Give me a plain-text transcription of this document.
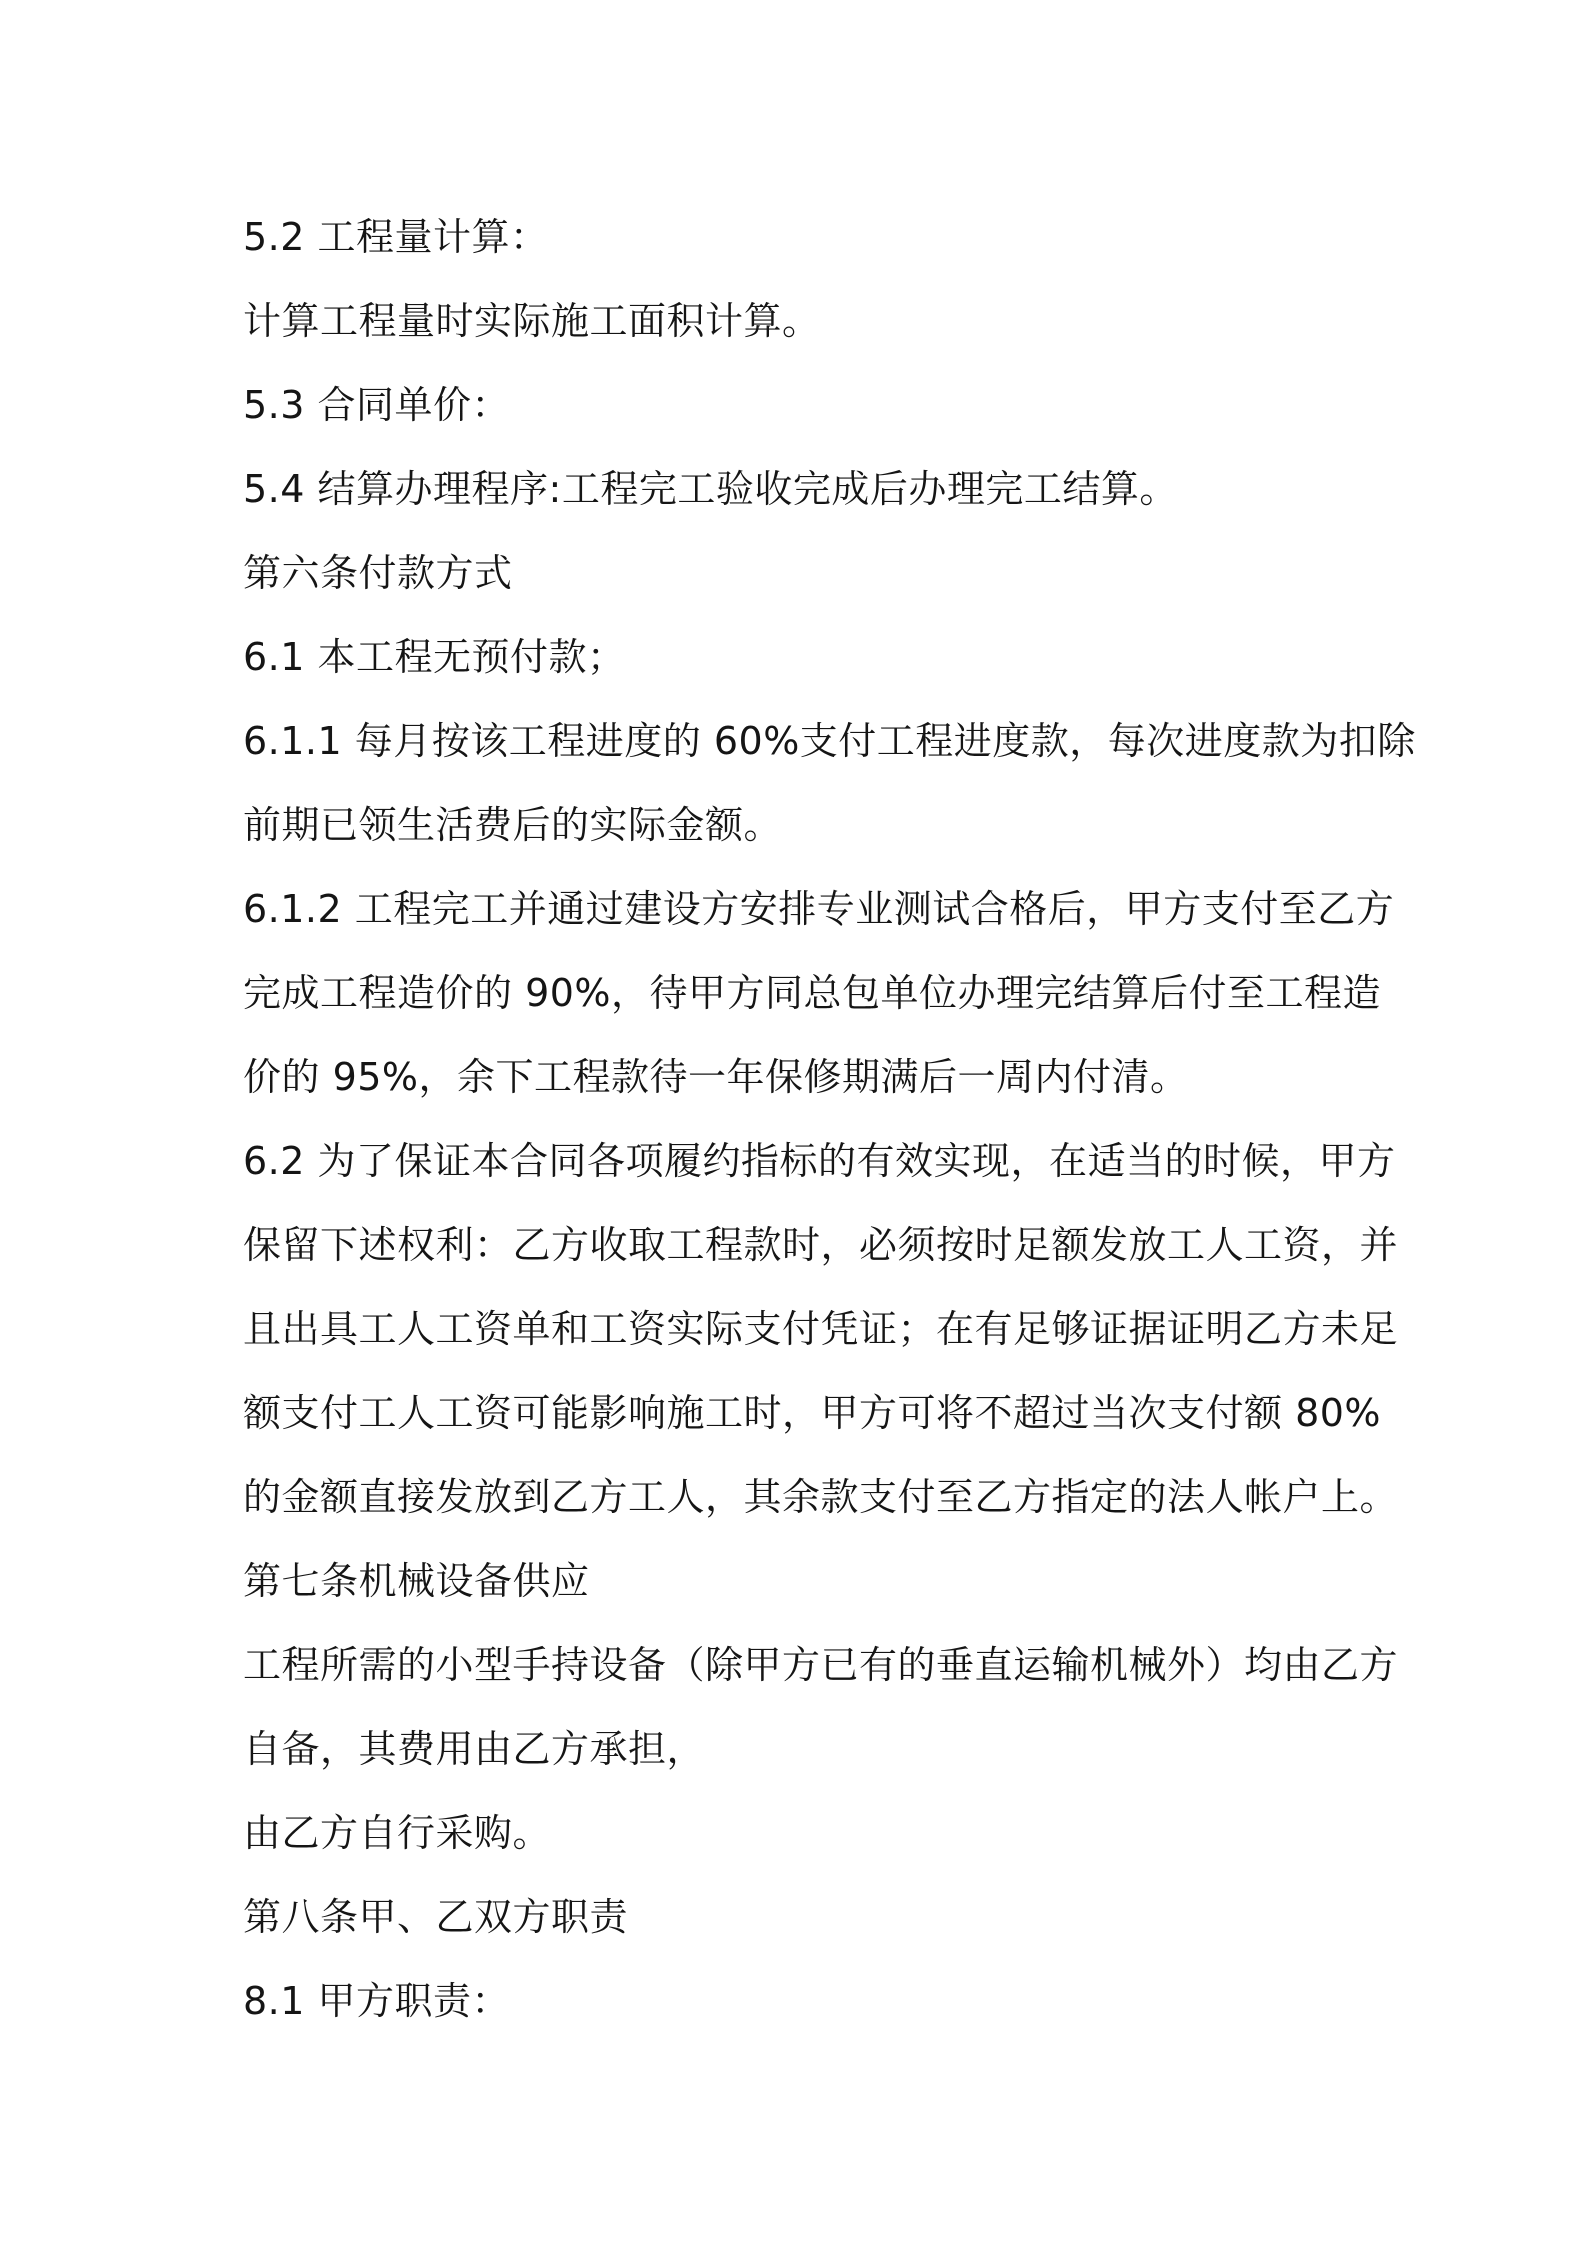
5.2 工程量计算：
计算工程量时实际施工面积计算。
5.3 合同单价：
5.4 结算办理程序:工程完工验收完成后办理完工结算。
第六条付款方式
6.1 本工程无预付款；
6.1.1 每月按该工程进度的 60%支付工程进度款，每次进度款为扣除
前期已领生活费后的实际金额。
6.1.2 工程完工并通过建设方安排专业测试合格后，甲方支付至乙方
完成工程造价的 90%，待甲方同总包单位办理完结算后付至工程造
价的 95%，余下工程款待一年保修期满后一周内付清。
6.2 为了保证本合同各项履约指标的有效实现，在适当的时候，甲方
保留下述权利：乙方收取工程款时，必须按时足额发放工人工资，并
且出具工人工资单和工资实际支付凭证；在有足够证据证明乙方未足
额支付工人工资可能影响施工时，甲方可将不超过当次支付额 80%
的金额直接发放到乙方工人，其余款支付至乙方指定的法人帐户上。
第七条机械设备供应
工程所需的小型手持设备（除甲方已有的垂直运输机械外）均由乙方
自备，其费用由乙方承担，
由乙方自行采购。
第八条甲、乙双方职责
8.1 甲方职责：
